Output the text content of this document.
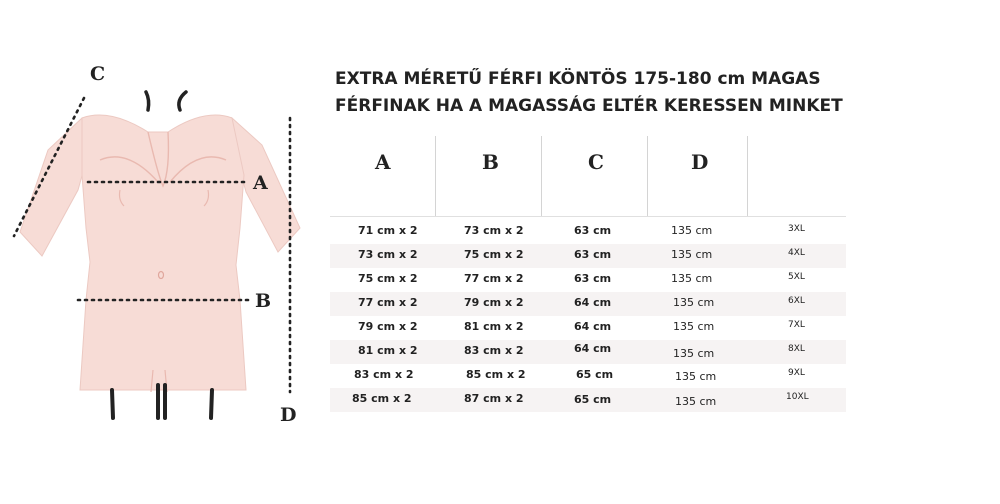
C
A
B
D
EXTRA MÉRETŰ FÉRFI KÖNTÖS 175-180 cm MAGAS
FÉRFINAK HA A MAGASSÁG ELTÉR KERESSEN MINKET
A	B	C	D
71 cm x 2	73 cm x 2	63 cm	135 cm	3XL
73 cm x 2	75 cm x 2	63 cm	135 cm	4XL
75 cm x 2	77 cm x 2	63 cm	135 cm	5XL
77 cm x 2	79 cm x 2	64 cm	135 cm	6XL
79 cm x 2	81 cm x 2	64 cm	135 cm	7XL
81 cm x 2	83 cm x 2	64 cm	135 cm	8XL
83 cm x 2	85 cm x 2	65 cm	135 cm	9XL
85 cm x 2	87 cm x 2	65 cm	135 cm	10XL
